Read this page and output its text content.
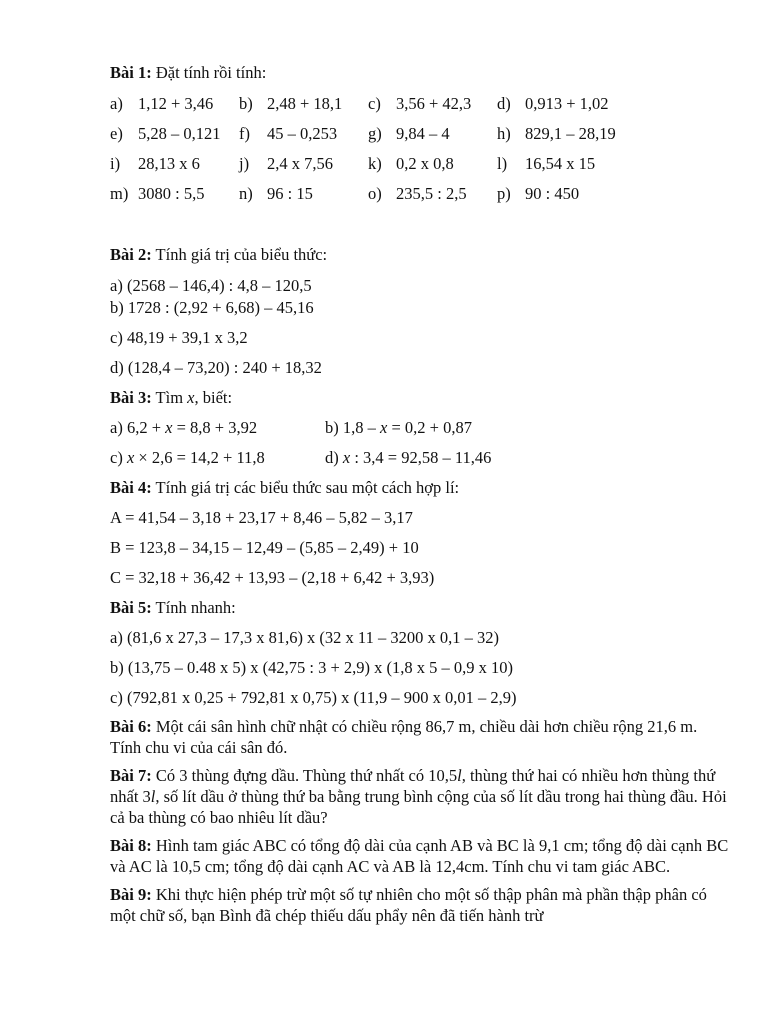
Bài 1: Đặt tính rồi tính:

a) 1,12 + 3,46 b) 2,48 + 18,1 c) 3,56 + 42,3 d) 0,913 + 1,02
e) 5,28 – 0,121 f)	45 – 0,253 g) 9,84 – 4	h) 829,1 – 28,19
i)	28,13 x 6 j)	2,4 x 7,56 k) 0,2 x 0,8	l)	16,54 x 15
m) 3080 : 5,5 n) 96 : 15	o) 235,5 : 2,5 p) 90 : 450

Bài 2: Tính giá trị của biểu thức:

a) (2568 – 146,4) : 4,8 – 120,5

b) 1728 : (2,92 + 6,68) – 45,16

c) 48,19 + 39,1 x 3,2

d) (128,4 – 73,20) : 240 + 18,32

Bài 3: Tìm x, biết:

a) 6,2 + x = 8,8 + 3,92	b) 1,8 – x = 0,2 + 0,87
c) x × 2,6 = 14,2 + 11,8	d) x : 3,4 = 92,58 – 11,46

Bài 4: Tính giá trị các biểu thức sau một cách hợp lí:

A = 41,54 – 3,18 + 23,17 + 8,46 – 5,82 – 3,17

B = 123,8 – 34,15 – 12,49 – (5,85 – 2,49) + 10

C = 32,18 + 36,42 + 13,93 – (2,18 + 6,42 + 3,93)

Bài 5: Tính nhanh:

a) (81,6 x 27,3 – 17,3 x 81,6) x (32 x 11 – 3200 x 0,1 – 32)

b) (13,75 – 0.48 x 5) x (42,75 : 3 + 2,9) x (1,8 x 5 – 0,9 x 10)

c) (792,81 x 0,25 + 792,81 x 0,75) x (11,9 – 900 x 0,01 – 2,9)

Bài 6: Một cái sân hình chữ nhật có chiều rộng 86,7 m, chiều dài hơn chiều rộng 21,6 m. Tính chu vi của cái sân đó.

Bài 7: Có 3 thùng đựng dầu. Thùng thứ nhất có 10,5l, thùng thứ hai có nhiều hơn thùng thứ nhất 3l, số lít dầu ở thùng thứ ba bằng trung bình cộng của số lít dầu trong hai thùng đầu. Hỏi cả ba thùng có bao nhiêu lít dầu?

Bài 8: Hình tam giác ABC có tổng độ dài của cạnh AB và BC là 9,1 cm; tổng độ dài cạnh BC và AC là 10,5 cm; tổng độ dài cạnh AC và AB là 12,4cm. Tính chu vi tam giác ABC.

Bài 9: Khi thực hiện phép trừ một số tự nhiên cho một số thập phân mà phần thập phân có một chữ số, bạn Bình đã chép thiếu dấu phẩy nên đã tiến hành trừ
